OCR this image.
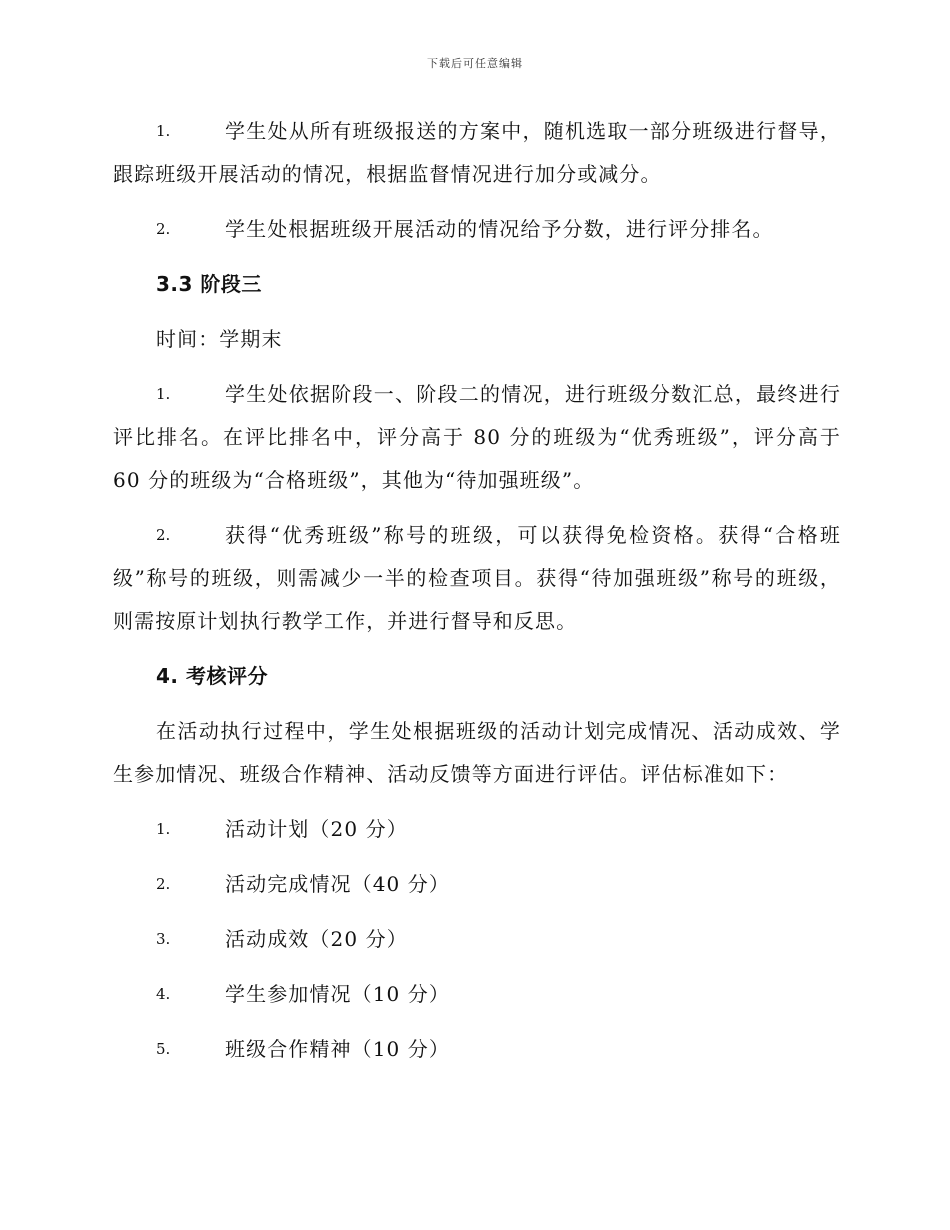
下载后可任意编辑

1.	学生处从所有班级报送的方案中，随机选取一部分班级进行督导，跟踪班级开展活动的情况，根据监督情况进行加分或减分。

2.	学生处根据班级开展活动的情况给予分数，进行评分排名。

3.3 阶段三

时间：学期末

1.	学生处依据阶段一、阶段二的情况，进行班级分数汇总，最终进行评比排名。在评比排名中，评分高于 80 分的班级为“优秀班级”，评分高于 60 分的班级为“合格班级”，其他为“待加强班级”。

2.	获得“优秀班级”称号的班级，可以获得免检资格。获得“合格班级”称号的班级，则需减少一半的检查项目。获得“待加强班级”称号的班级，则需按原计划执行教学工作，并进行督导和反思。

4. 考核评分

在活动执行过程中，学生处根据班级的活动计划完成情况、活动成效、学生参加情况、班级合作精神、活动反馈等方面进行评估。评估标准如下：

1.	活动计划（20 分）

2.	活动完成情况（40 分）

3.	活动成效（20 分）

4.	学生参加情况（10 分）

5.	班级合作精神（10 分）
